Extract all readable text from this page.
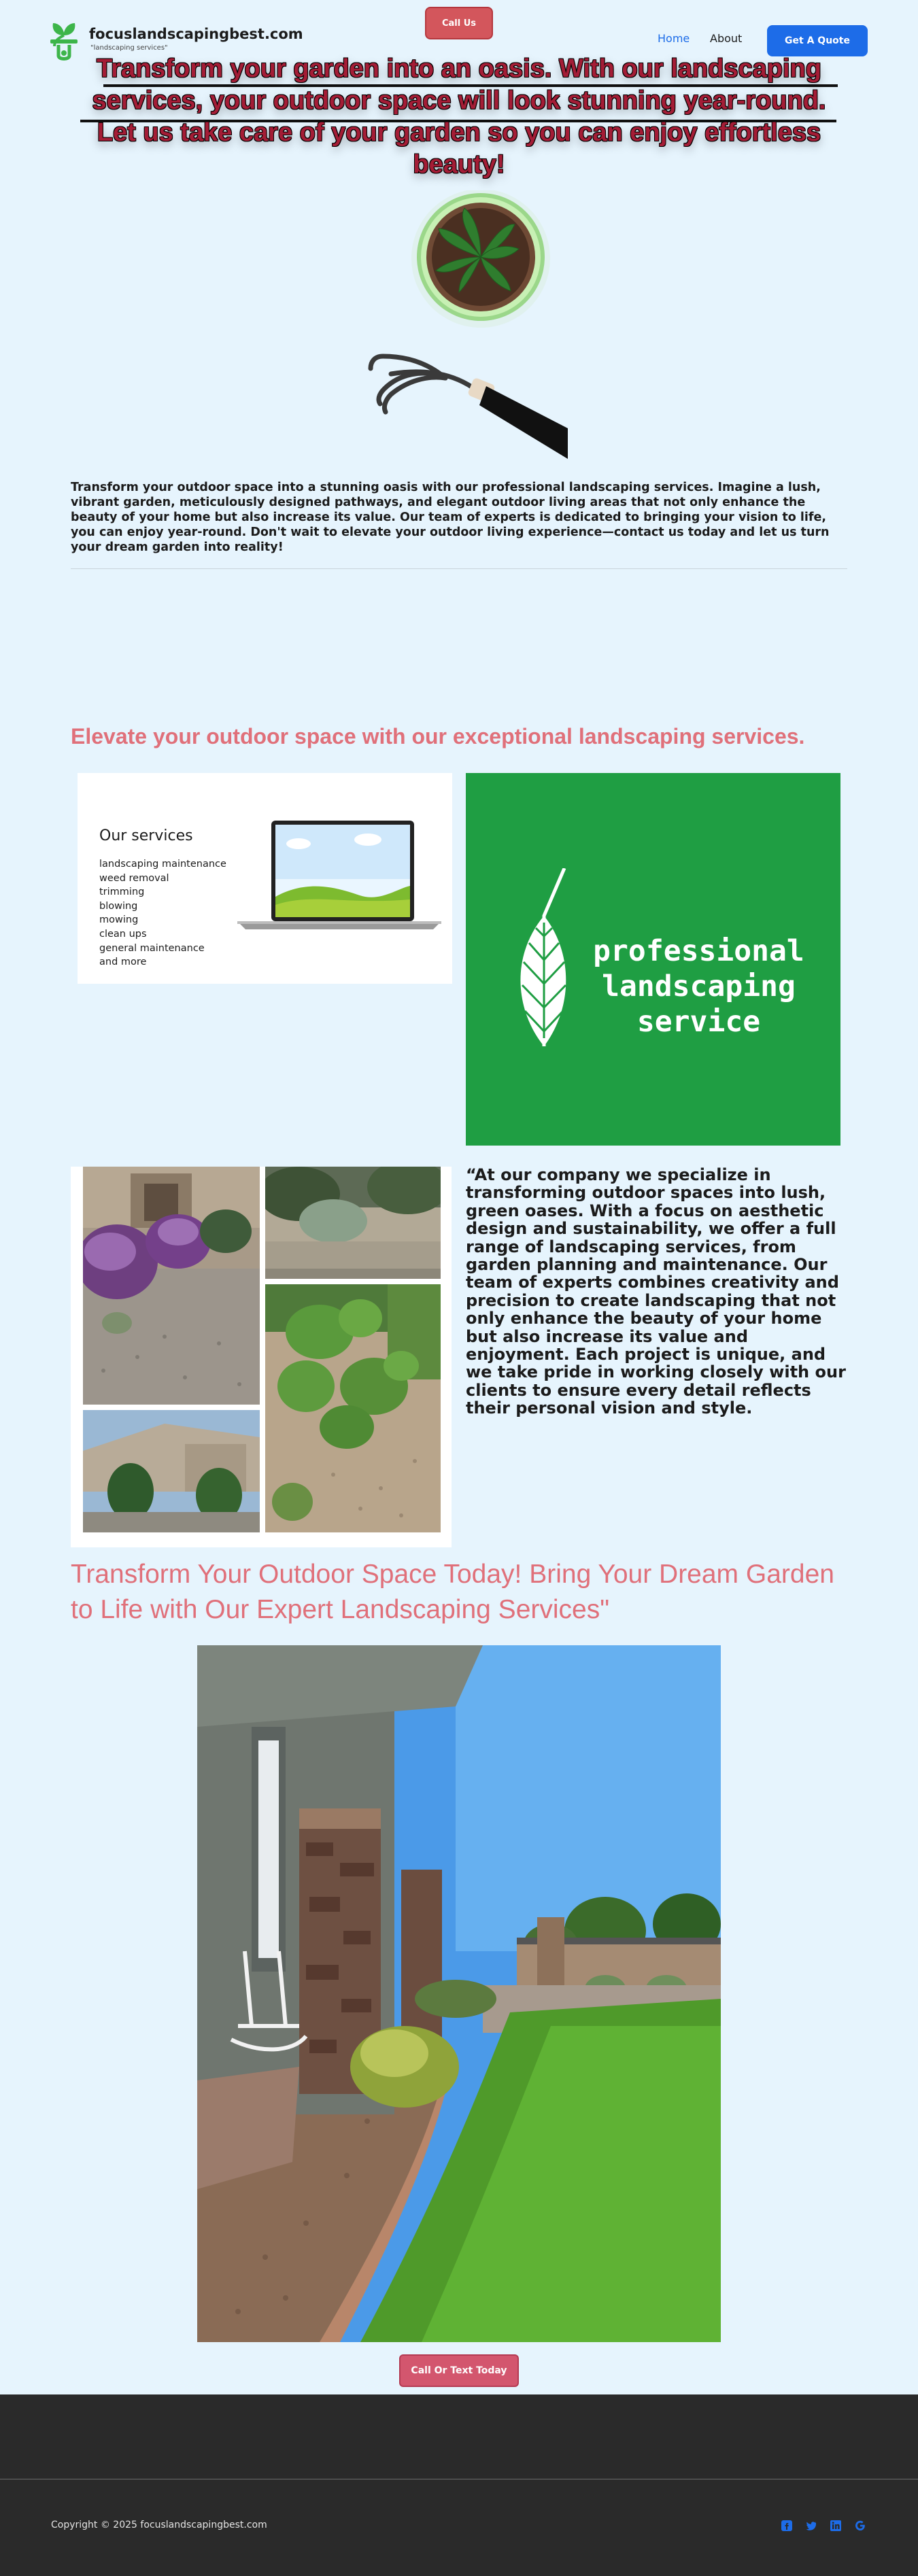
focuslandscapingbest.com
"landscaping services"
Call Us
Home About	Get A Quote
Transform your garden into an oasis. With our landscaping services, your outdoor space will look stunning year-round. Let us take care of your garden so you can enjoy effortless beauty!
Transform your outdoor space into a stunning oasis with our professional landscaping services. Imagine a lush, vibrant garden, meticulously designed pathways, and elegant outdoor living areas that not only enhance the beauty of your home but also increase its value. Our team of experts is dedicated to bringing your vision to life, you can enjoy year-round. Don't wait to elevate your outdoor living experience—contact us today and let us turn your dream garden into reality!
Elevate your outdoor space with our exceptional landscaping services.
Our services
landscaping maintenance
weed removal
trimming
blowing
mowing
clean ups
general maintenance
and more	professional
landscaping
service
“At our company we specialize in transforming outdoor spaces into lush, green oases. With a focus on aesthetic design and sustainability, we offer a full range of landscaping services, from garden planning and maintenance. Our team of experts combines creativity and precision to create landscaping that not only enhance the beauty of your home but also increase its value and enjoyment. Each project is unique, and we take pride in working closely with our clients to ensure every detail reflects their personal vision and style.
Transform Your Outdoor Space Today! Bring Your Dream Garden to Life with Our Expert Landscaping Services"
Call Or Text Today
Copyright © 2025 focuslandscapingbest.com
